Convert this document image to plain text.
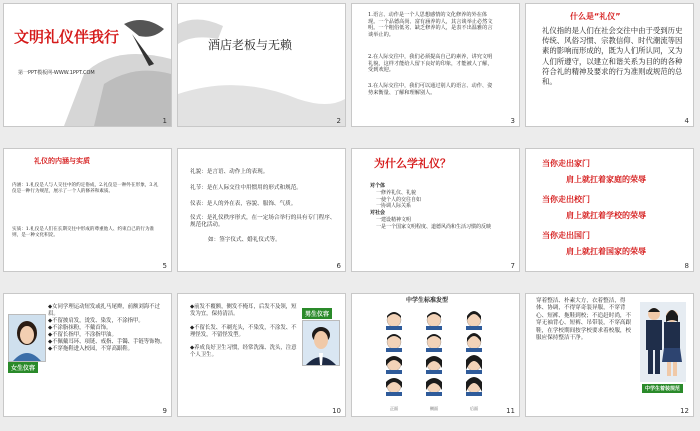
文明礼仪伴我行
第一PPT模板网-WWW.1PPT.COM
1
酒店老板与无赖
2
1.语言、动作是一个人思想感情的文化修养的外在体现。一个品德高尚、富有涵养的人，其言谈举止必然文明。一个粗俗低劣、缺乏修养的人，是表不出温雅的言谈举止的。
2.在人际交往中，我们必须提高自己的素养，讲究文明礼貌，这样才能给人留下良好的印象，才能被人了解，受到欢迎。
3.在人际交往中，我们可以通过别人的语言、动作、姿势来衡量、了解和理解别人。
3
什么是“礼仪”
礼仪指的是人们在社会交往中由于受到历史传统、风俗习惯、宗教信仰、时代潮流等因素的影响而形成的，既为人们所认同，又为人们所遵守，以建立和谐关系为目的的各种符合礼的精神及要求的行为准则或规范的总和。
4
礼仪的内涵与实质
内涵：1.礼仪是人与人交往中的约定俗成，2.礼仪是一种外在形象，3.礼仪是一种行为规范，展示了一个人的修养和素质。
实质：1.礼仪是人们在长期交往中形成的尊重他人、约束自己的行为准则，是一种文化积淀。
5
礼貌：是言语、动作上的表现。
礼节：是在人际交往中用惯用的形式和规范。
仪表：是人的外在表，容貌、服饰、气质。
仪式：是礼仪秩序形式，在一定场合举行的具有专门程序、规范化活动。
如：签字仪式、婚礼仪式等。
6
为什么学礼仪？
对个体
一修养礼仪、礼貌
一使个人的交往自如
一协调人际关系
对社会
一建设精神文明
一是一个国家文明程度、道德风尚和生活习惯的反映
7
当你走出家门
肩上就扛着家庭的荣辱
当你走出校门
肩上就扛着学校的荣辱
当你走出国门
肩上就扛着国家的荣辱
8
女生仪容
◆女同学理运动短发或扎马尾辫，前额刘海不过眉。
◆不留披肩发，烫发、染发，不涂指甲。
◆不涂脂抹粉，不戴首饰。
◆不留长指甲，不涂指甲油。
◆不佩戴耳环、项链、戒指、手镯、手链等饰物。
◆不穿拖鞋进入校园，不穿高跟鞋。
9
男生仪容
◆前发不覆额，侧发不掩耳，后发不及领，短发为宜，保持清洁。
◆不留长发、不剃光头，不染发，不涂发、不理怪发，不留怪发型。
◆养成良好卫生习惯，经常洗澡、洗头，注意个人卫生。
10
中学生标准发型
正面	侧面	后面	11
穿着整洁、朴素大方，衣着整洁，得体、协调，不得穿奇装异服，不穿背心、短裤、拖鞋到校；不追赶时尚，不穿无袖背心、短裤、吊带装，不穿高跟鞋，在学校期间按学校要求着校服，校服应保持整洁干净。
中学生着装规范
12
